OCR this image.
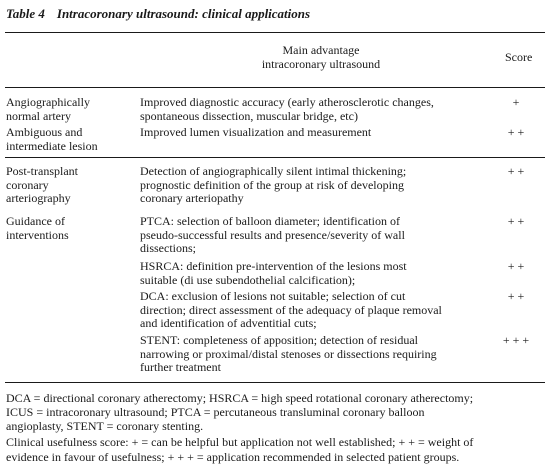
Table 4 Intracoronary ultrasound: clinical applications
Main advantage
intracoronary ultrasound	Score
Angiographically
normal artery
Improved diagnostic accuracy (early atherosclerotic changes,
spontaneous dissection, muscular bridge, etc)
+
Ambiguous and
intermediate lesion
Improved lumen visualization and measurement	+ +
Post-transplant
coronary
arteriography
Detection of angiographically silent intimal thickening;
prognostic definition of the group at risk of developing
coronary arteriopathy
+ +
Guidance of
interventions
PTCA: selection of balloon diameter; identification of
pseudo-successful results and presence/severity of wall
dissections;
+ +
HSRCA: definition pre-intervention of the lesions most
suitable (di use subendothelial calcification);
+ +
DCA: exclusion of lesions not suitable; selection of cut
direction; direct assessment of the adequacy of plaque removal
and identification of adventitial cuts;
+ +
STENT: completeness of apposition; detection of residual
narrowing or proximal/distal stenoses or dissections requiring
further treatment
+ + +
DCA = directional coronary atherectomy; HSRCA = high speed rotational coronary atherectomy;
ICUS = intracoronary ultrasound; PTCA = percutaneous transluminal coronary balloon
angioplasty, STENT = coronary stenting.
Clinical usefulness score: + = can be helpful but application not well established; + + = weight of
evidence in favour of usefulness; + + + = application recommended in selected patient groups.
